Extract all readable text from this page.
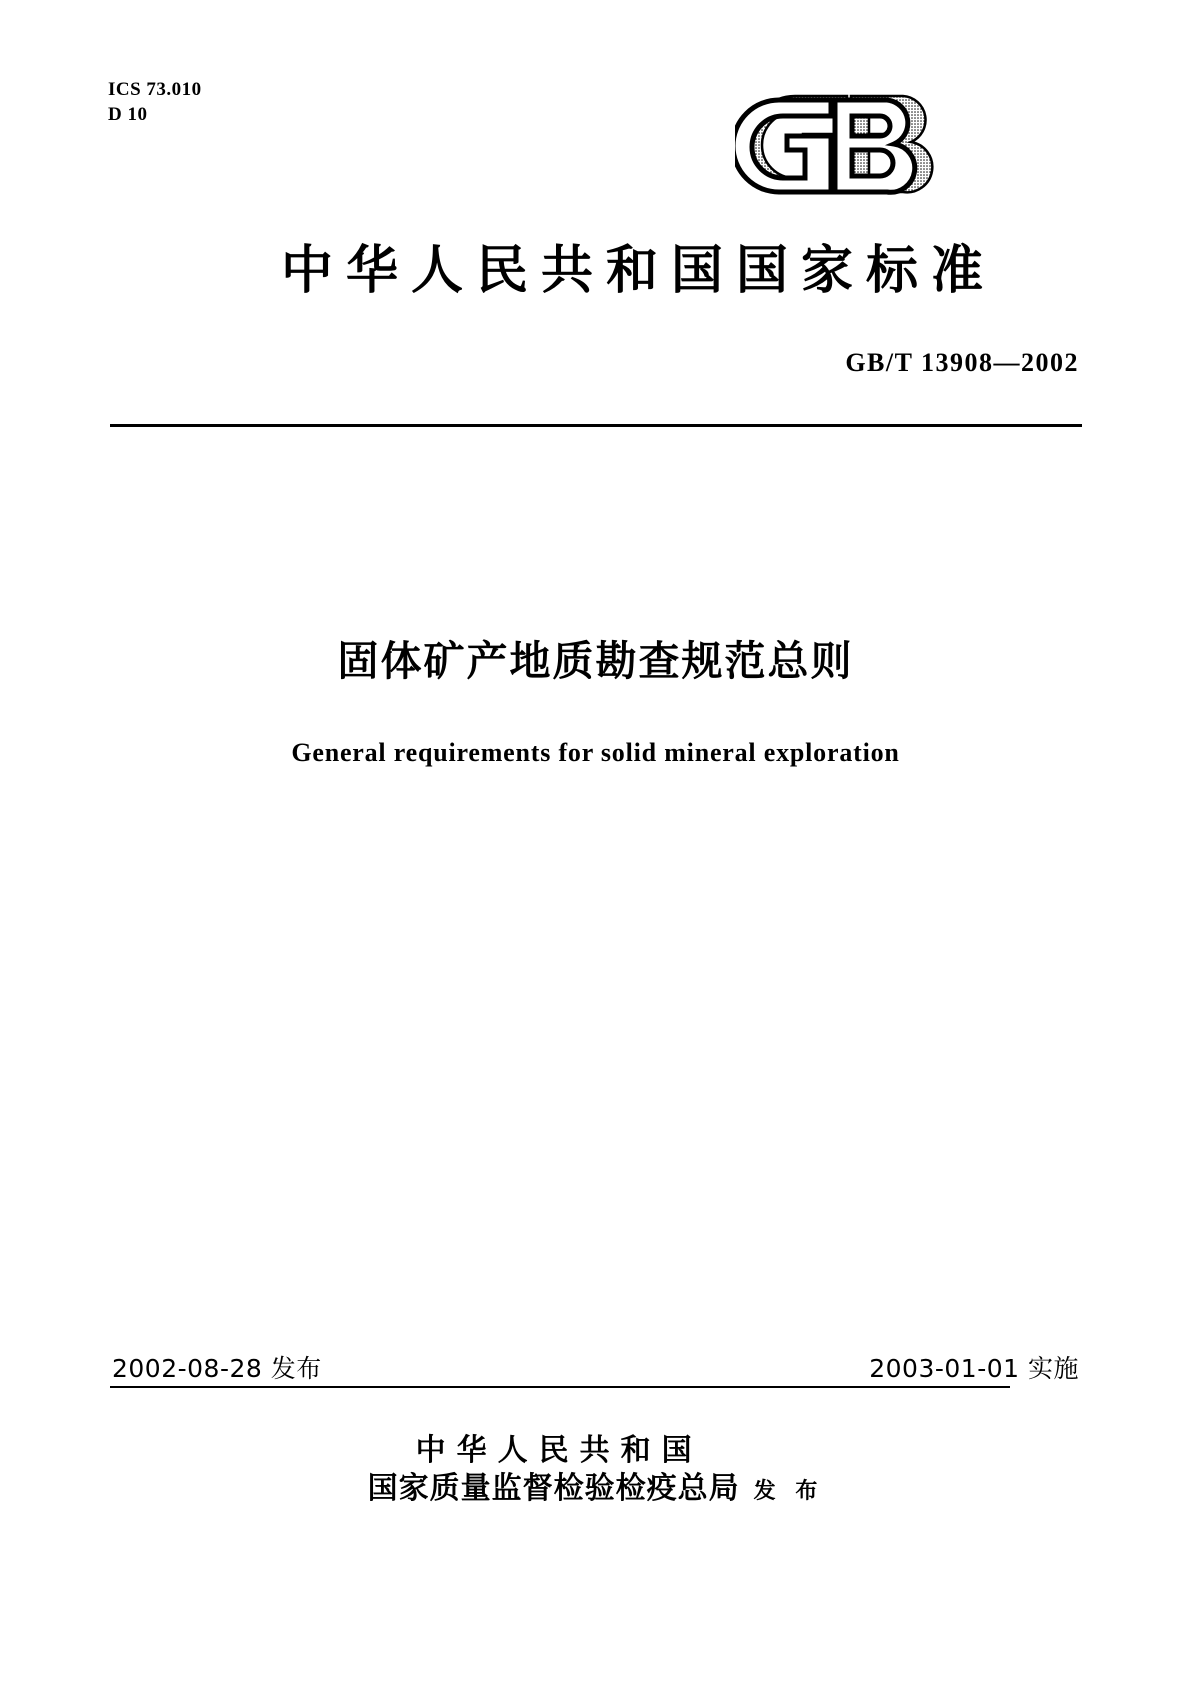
ICS 73.010
D 10
中华人民共和国国家标准
GB/T 13908—2002
固体矿产地质勘查规范总则
General requirements for solid mineral exploration
2002-08-28 发布	2003-01-01 实施
中华人民共和国
国家质量监督检验检疫总局 发 布
